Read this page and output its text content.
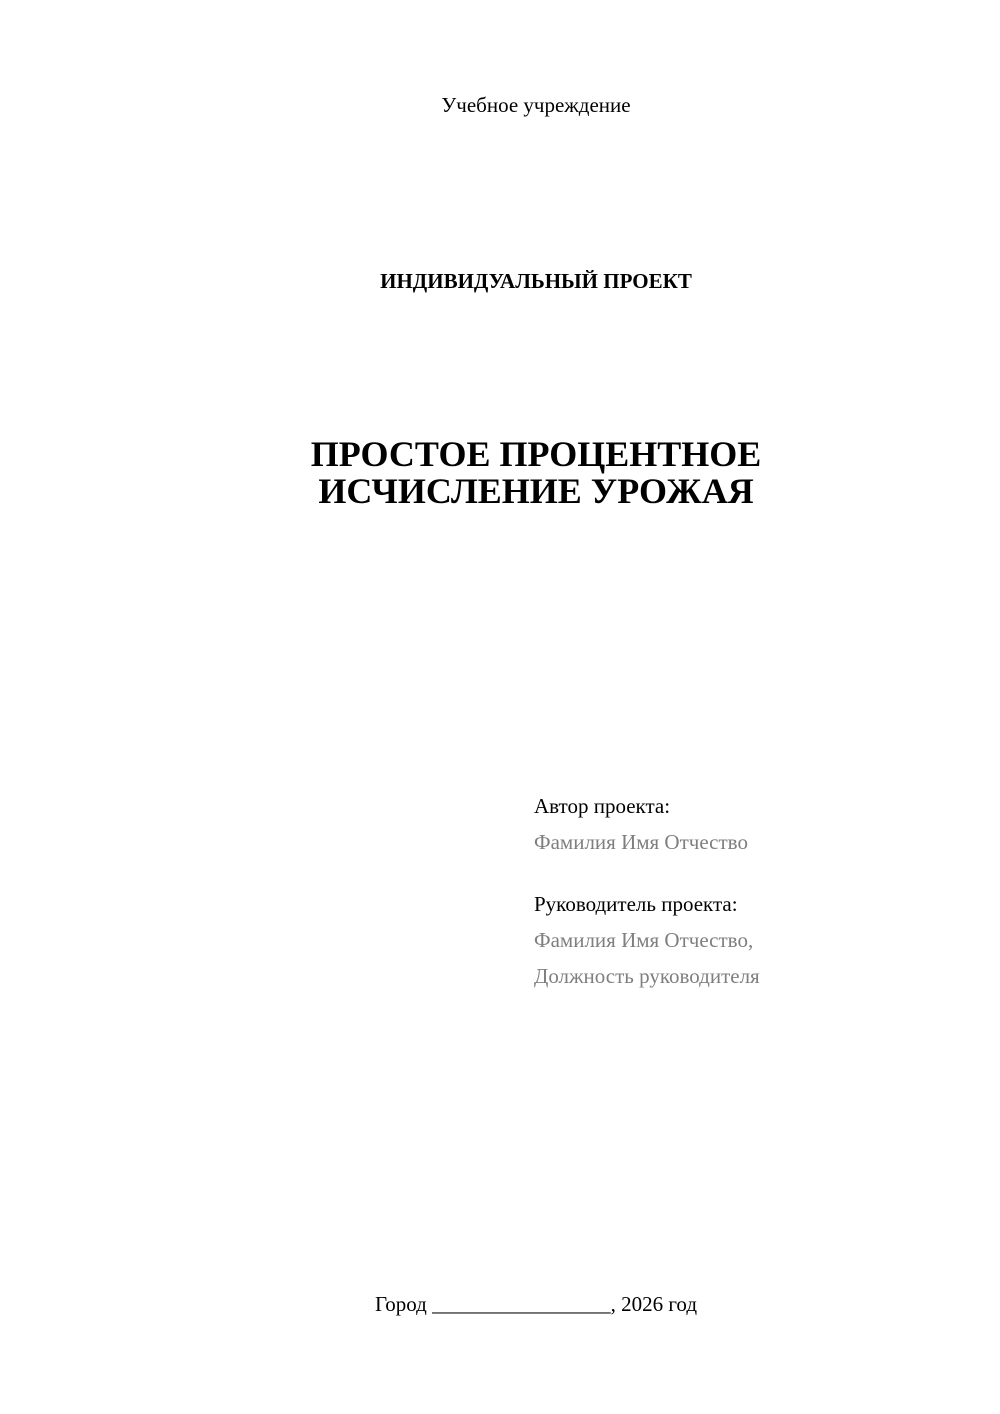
Учебное учреждение
ИНДИВИДУАЛЬНЫЙ ПРОЕКТ
ПРОСТОЕ ПРОЦЕНТНОЕ
ИСЧИСЛЕНИЕ УРОЖАЯ
Автор проекта:
Фамилия Имя Отчество
Руководитель проекта:
Фамилия Имя Отчество,
Должность руководителя
Город _________________, 2026 год
